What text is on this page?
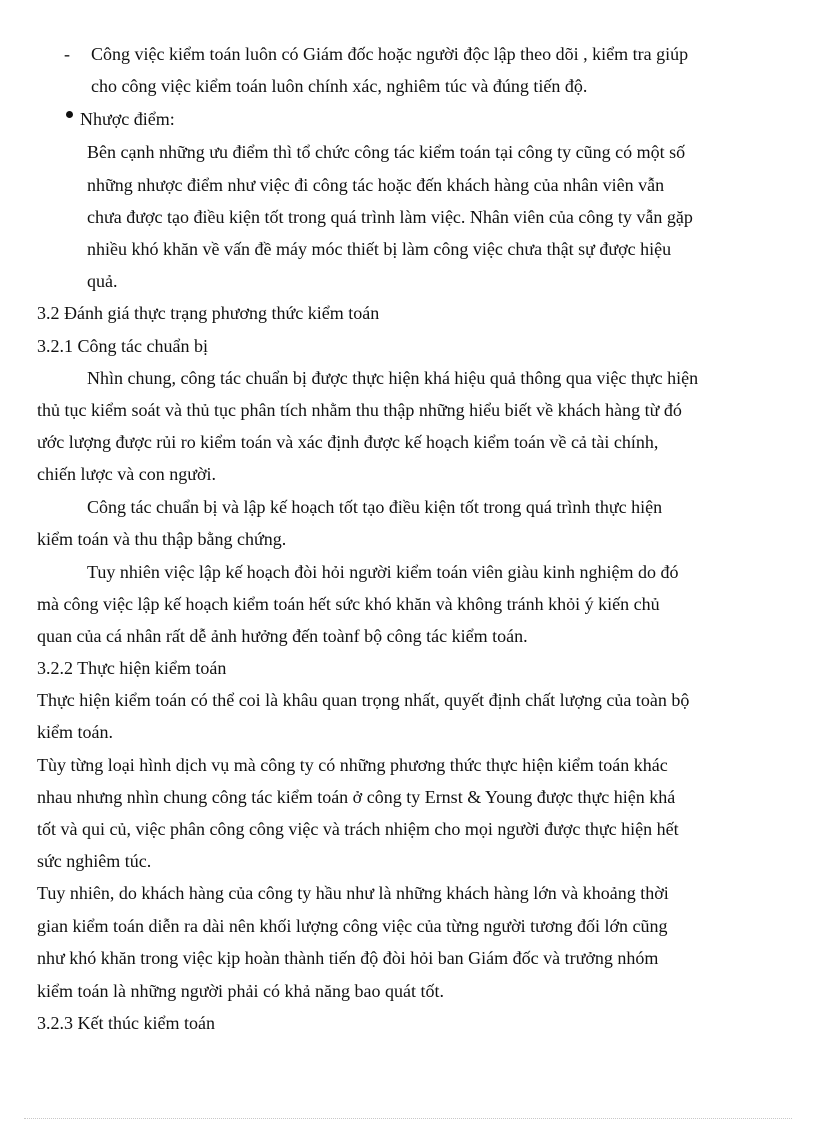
- Công việc kiểm toán luôn có Giám đốc hoặc người độc lập theo dõi , kiểm tra giúp
cho công việc kiểm toán luôn chính xác, nghiêm túc và đúng tiến độ.
Nhược điểm:
Bên cạnh những ưu điểm thì tổ chức công tác kiểm toán tại công ty cũng có một số
những nhược điểm như việc đi công tác hoặc đến khách hàng của nhân viên vẫn
chưa được tạo điều kiện tốt trong quá trình làm việc. Nhân viên của công ty vẫn gặp
nhiều khó khăn về vấn đề máy móc thiết bị làm công việc chưa thật sự được hiệu
quả.
3.2 Đánh giá thực trạng phương thức kiểm toán
3.2.1 Công tác chuẩn bị
Nhìn chung, công tác chuẩn bị được thực hiện khá hiệu quả thông qua việc thực hiện
thủ tục kiểm soát và thủ tục phân tích nhằm thu thập những hiểu biết về khách hàng từ đó
ước lượng được rủi ro kiểm toán và xác định được kế hoạch kiểm toán về cả tài chính,
chiến lược và con người.
Công tác chuẩn bị và lập kế hoạch tốt tạo điều kiện tốt trong quá trình thực hiện
kiểm toán và thu thập bằng chứng.
Tuy nhiên việc lập kế hoạch đòi hỏi người kiểm toán viên giàu kinh nghiệm do đó
mà công việc lập kế hoạch kiểm toán hết sức khó khăn và không tránh khỏi ý kiến chủ
quan của cá nhân rất dễ ảnh hưởng đến toànf bộ công tác kiểm toán.
3.2.2 Thực hiện kiểm toán
Thực hiện kiểm toán có thể coi là khâu quan trọng nhất, quyết định chất lượng của toàn bộ
kiểm toán.
Tùy từng loại hình dịch vụ mà công ty có những phương thức thực hiện kiểm toán khác
nhau nhưng nhìn chung công tác kiểm toán ở công ty Ernst & Young được thực hiện khá
tốt và qui củ, việc phân công công việc và trách nhiệm cho mọi người được thực hiện hết
sức nghiêm túc.
Tuy nhiên, do khách hàng của công ty hầu như là những khách hàng lớn và khoảng thời
gian kiểm toán diễn ra dài nên khối lượng công việc của từng người tương đối lớn cũng
như khó khăn trong việc kịp hoàn thành tiến độ đòi hỏi ban Giám đốc và trưởng nhóm
kiểm toán là những người phải có khả năng bao quát tốt.
3.2.3 Kết thúc kiểm toán
